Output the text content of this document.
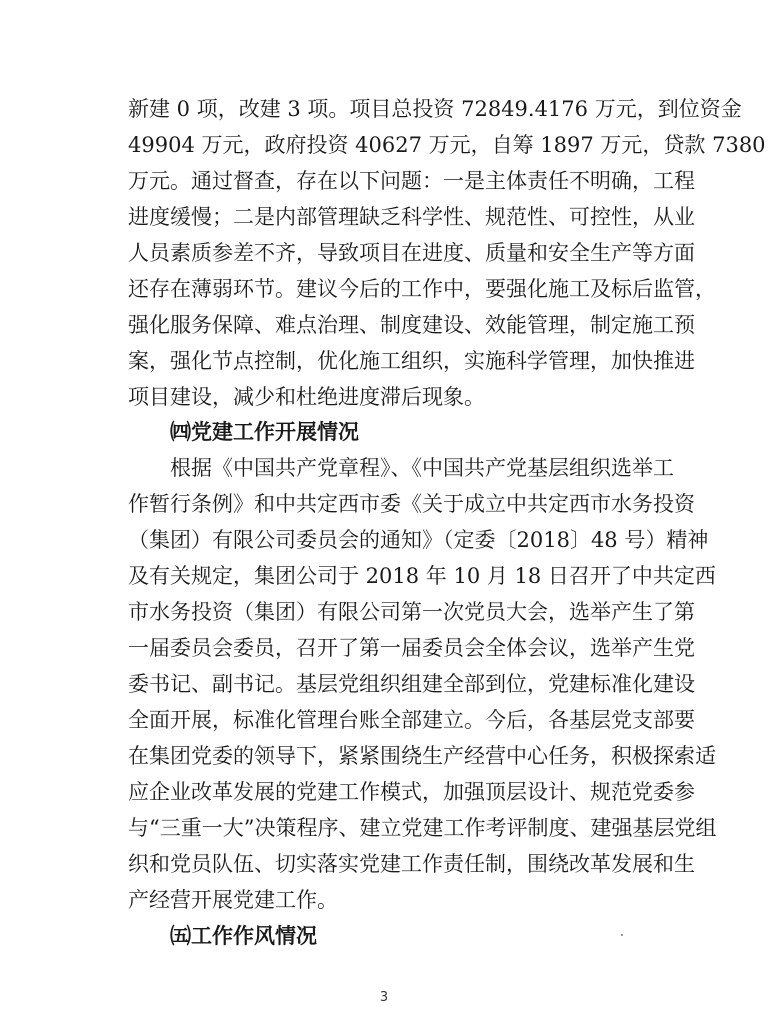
新建 0 项，改建 3 项。项目总投资 72849.4176 万元，到位资金
49904 万元，政府投资 40627 万元，自筹 1897 万元，贷款 7380
万元。通过督查，存在以下问题：一是主体责任不明确，工程
进度缓慢；二是内部管理缺乏科学性、规范性、可控性，从业
人员素质参差不齐，导致项目在进度、质量和安全生产等方面
还存在薄弱环节。建议今后的工作中，要强化施工及标后监管，
强化服务保障、难点治理、制度建设、效能管理，制定施工预
案，强化节点控制，优化施工组织，实施科学管理，加快推进
项目建设，减少和杜绝进度滞后现象。
㈣党建工作开展情况
根据《中国共产党章程》、《中国共产党基层组织选举工
作暂行条例》和中共定西市委《关于成立中共定西市水务投资
（集团）有限公司委员会的通知》（定委〔2018〕48 号）精神
及有关规定，集团公司于 2018 年 10 月 18 日召开了中共定西
市水务投资（集团）有限公司第一次党员大会，选举产生了第
一届委员会委员，召开了第一届委员会全体会议，选举产生党
委书记、副书记。基层党组织组建全部到位，党建标准化建设
全面开展，标准化管理台账全部建立。今后，各基层党支部要
在集团党委的领导下，紧紧围绕生产经营中心任务，积极探索适
应企业改革发展的党建工作模式，加强顶层设计、规范党委参
与“三重一大”决策程序、建立党建工作考评制度、建强基层党组
织和党员队伍、切实落实党建工作责任制，围绕改革发展和生
产经营开展党建工作。
㈤工作作风情况
3
